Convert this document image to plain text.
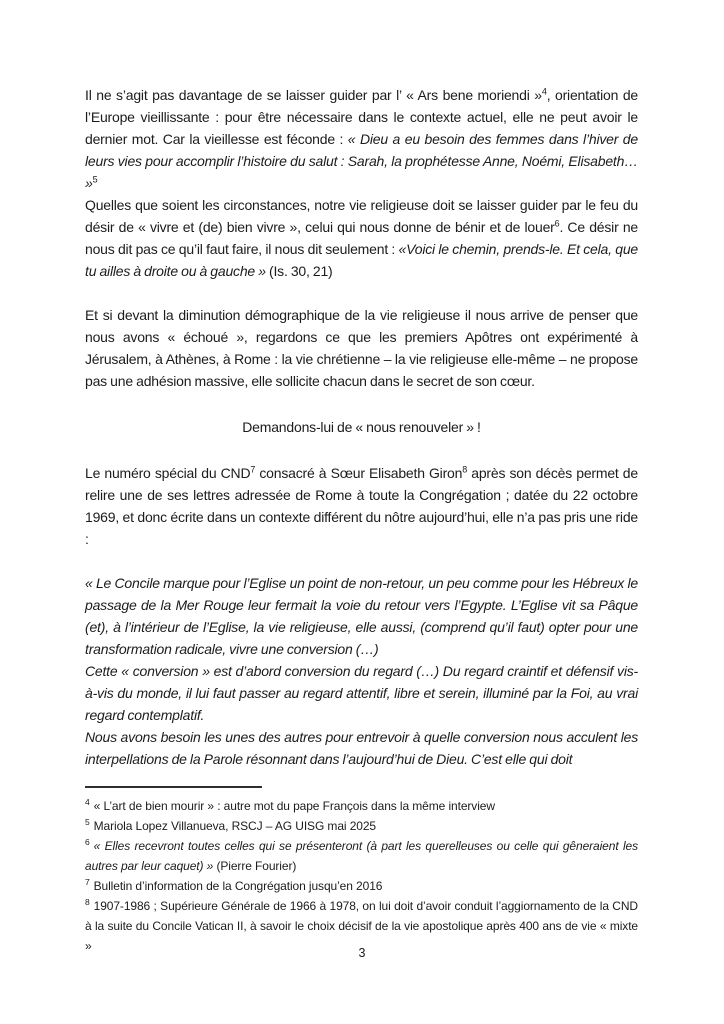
Il ne s’agit pas davantage de se laisser guider par l’ « Ars bene moriendi »$^4$, orientation de l’Europe vieillissante : pour être nécessaire dans le contexte actuel, elle ne peut avoir le dernier mot. Car la vieillesse est féconde : « Dieu a eu besoin des femmes dans l’hiver de leurs vies pour accomplir l’histoire du salut : Sarah, la prophétesse Anne, Noémi, Elisabeth… »$^5$

Quelles que soient les circonstances, notre vie religieuse doit se laisser guider par le feu du désir de « vivre et (de) bien vivre », celui qui nous donne de bénir et de louer$^6$. Ce désir ne nous dit pas ce qu’il faut faire, il nous dit seulement : «Voici le chemin, prends-le. Et cela, que tu ailles à droite ou à gauche » (Is. 30, 21)

Et si devant la diminution démographique de la vie religieuse il nous arrive de penser que nous avons « échoué », regardons ce que les premiers Apôtres ont expérimenté à Jérusalem, à Athènes, à Rome : la vie chrétienne – la vie religieuse elle-même – ne propose pas une adhésion massive, elle sollicite chacun dans le secret de son cœur.

Demandons-lui de « nous renouveler » !

Le numéro spécial du CND$^7$ consacré à Sœur Elisabeth Giron$^8$ après son décès permet de relire une de ses lettres adressée de Rome à toute la Congrégation ; datée du 22 octobre 1969, et donc écrite dans un contexte différent du nôtre aujourd’hui, elle n’a pas pris une ride :

« Le Concile marque pour l’Eglise un point de non-retour, un peu comme pour les Hébreux le passage de la Mer Rouge leur fermait la voie du retour vers l’Egypte. L’Eglise vit sa Pâque (et), à l’intérieur de l’Eglise, la vie religieuse, elle aussi, (comprend qu’il faut) opter pour une transformation radicale, vivre une conversion (…)

Cette « conversion » est d’abord conversion du regard (…) Du regard craintif et défensif vis-à-vis du monde, il lui faut passer au regard attentif, libre et serein, illuminé par la Foi, au vrai regard contemplatif.

Nous avons besoin les unes des autres pour entrevoir à quelle conversion nous acculent les interpellations de la Parole résonnant dans l’aujourd’hui de Dieu. C’est elle qui doit

$^4$ « L’art de bien mourir » : autre mot du pape François dans la même interview

$^5$ Mariola Lopez Villanueva, RSCJ – AG UISG mai 2025

$^6$ « Elles recevront toutes celles qui se présenteront (à part les querelleuses ou celle qui gêneraient les autres par leur caquet) » (Pierre Fourier)

$^7$ Bulletin d’information de la Congrégation jusqu’en 2016

$^8$ 1907-1986 ; Supérieure Générale de 1966 à 1978, on lui doit d’avoir conduit l’aggiornamento de la CND à la suite du Concile Vatican II, à savoir le choix décisif de la vie apostolique après 400 ans de vie « mixte »	3
